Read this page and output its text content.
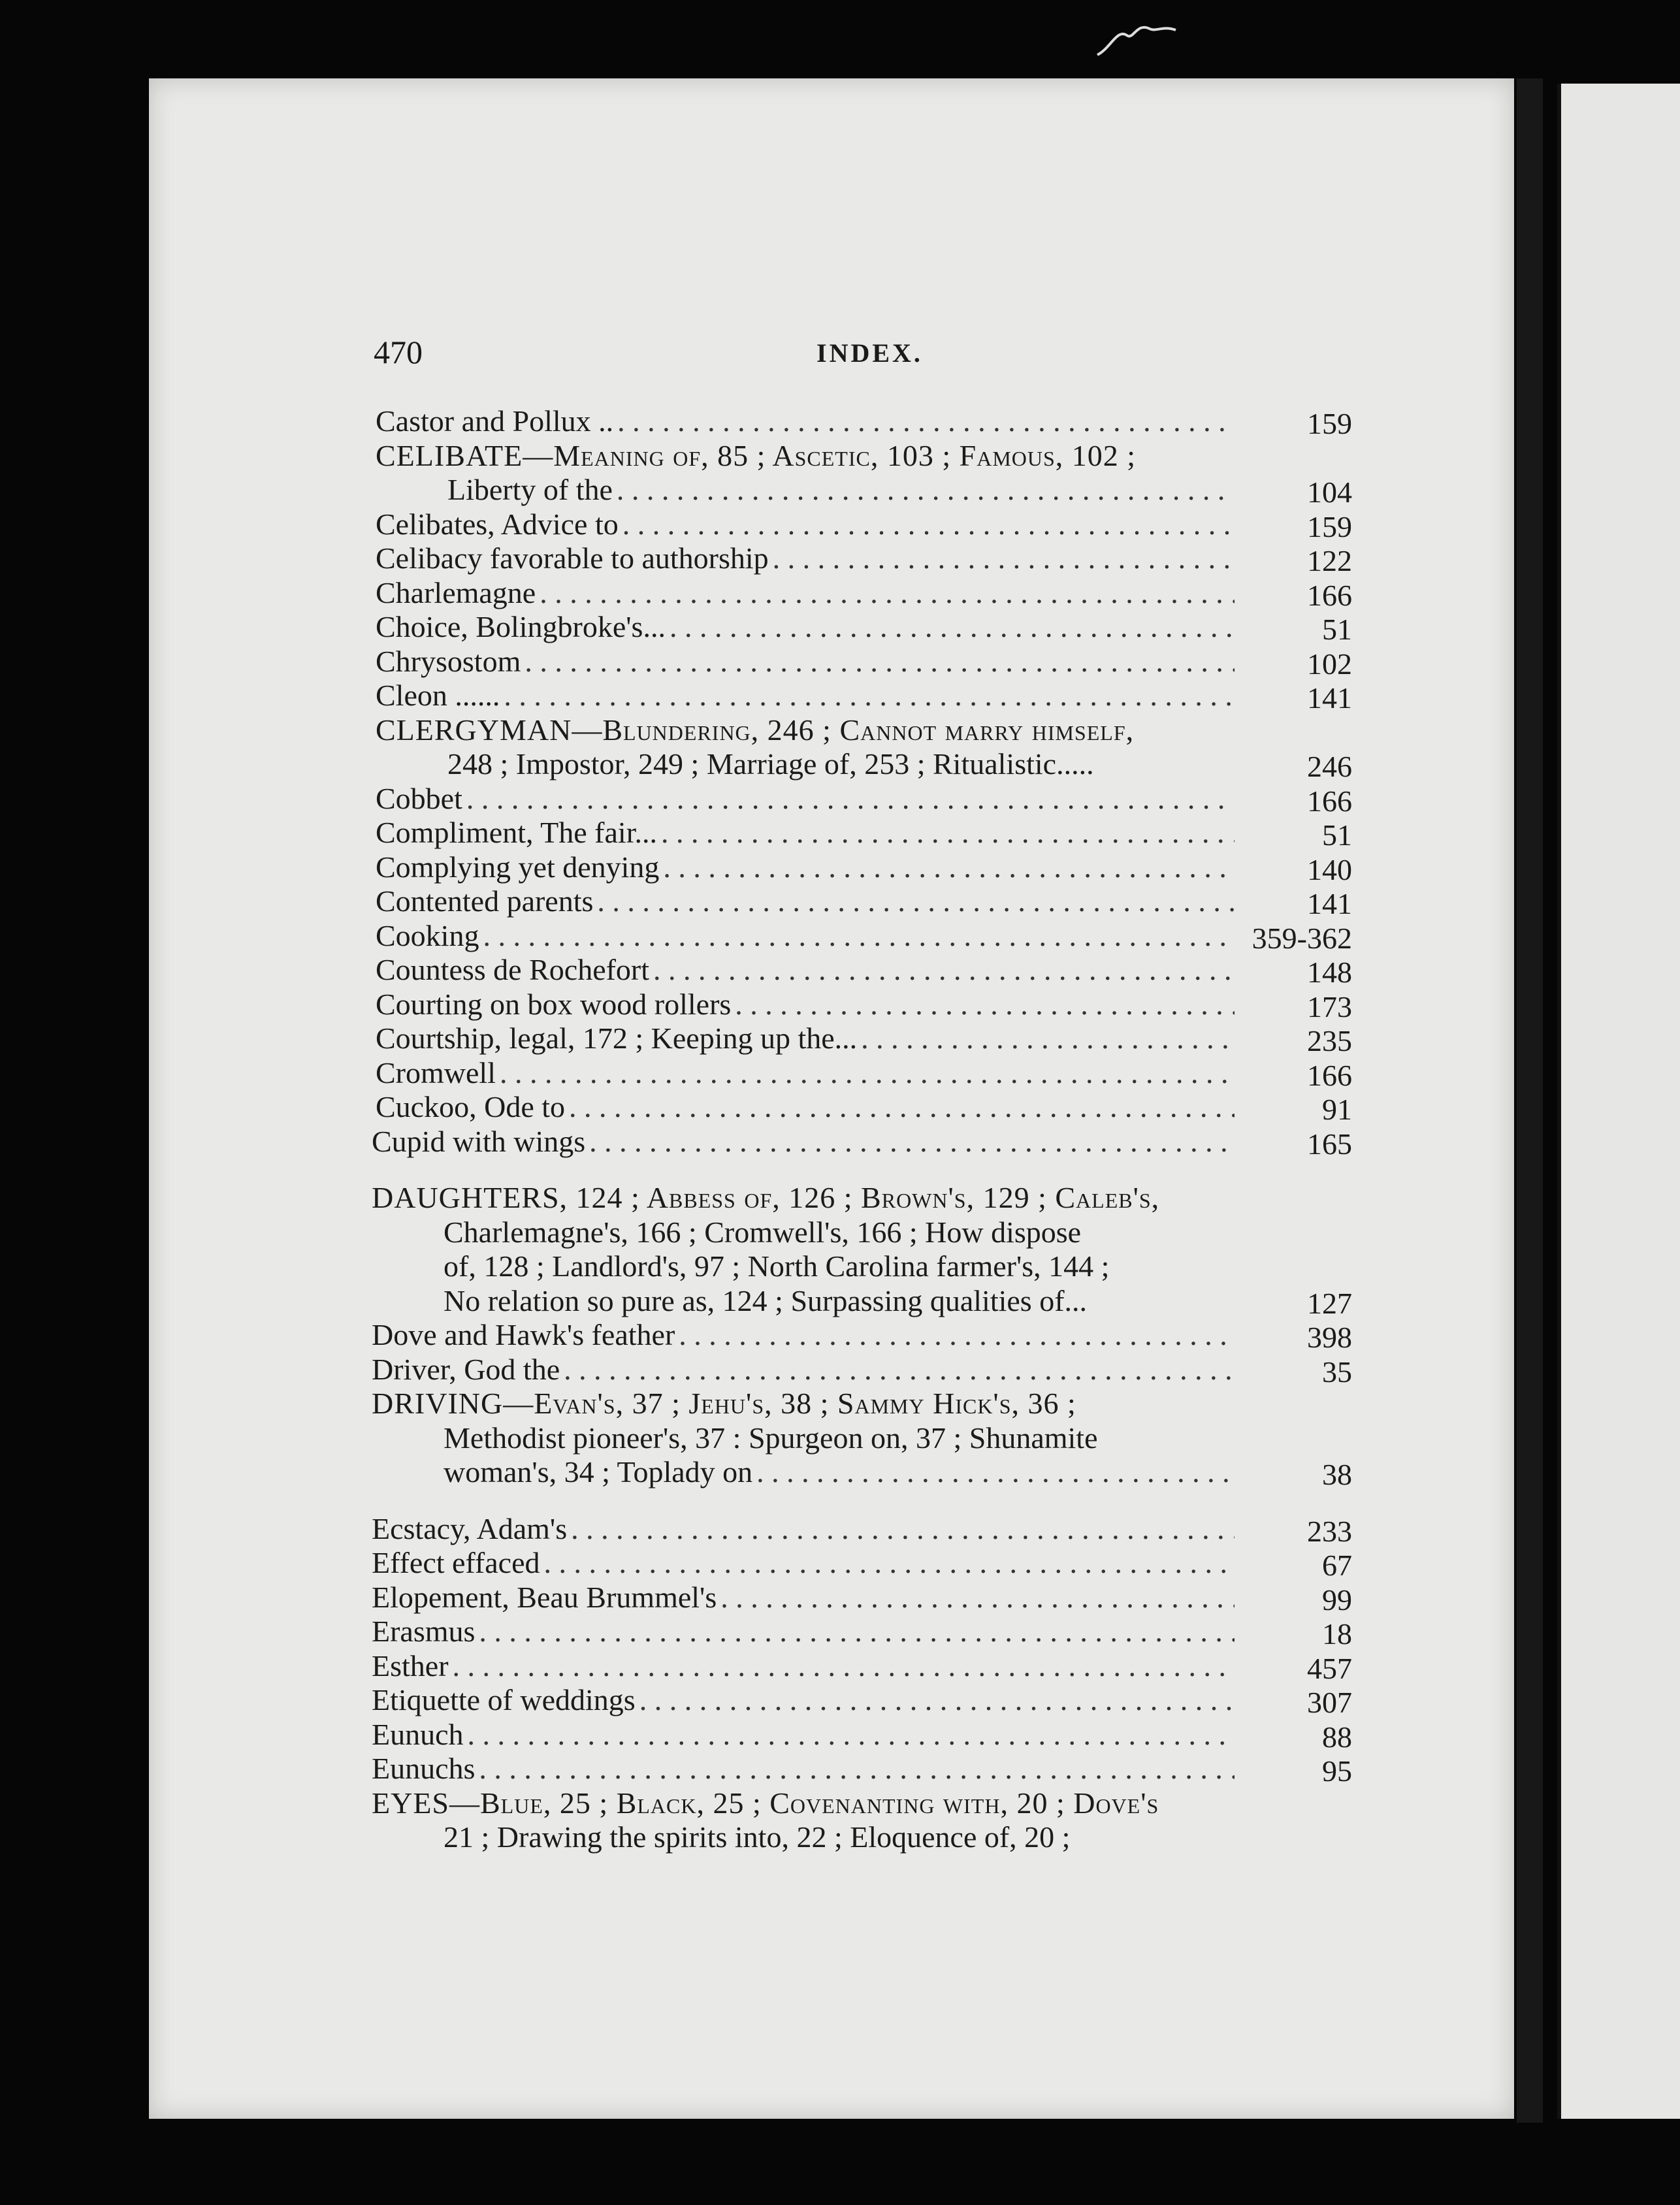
470	INDEX.
Castor and Pollux .. . . .	159
CELIBATE—Meaning of, 85 ; Ascetic, 103 ; Famous, 102 ;
Liberty of the . . .	104
Celibates, Advice to . . .	159
Celibacy favorable to authorship . . .	122
Charlemagne . . .	166
Choice, Bolingbroke's... . . .	51
Chrysostom . . .	102
Cleon ...... . . .	141
CLERGYMAN—Blundering, 246 ; Cannot marry himself,
248 ; Impostor, 249 ; Marriage of, 253 ; Ritualistic.....	246
Cobbet . . .	166
Compliment, The fair... . . .	51
Complying yet denying . . .	140
Contented parents . . .	141
Cooking . . .	359-362
Countess de Rochefort . . .	148
Courting on box wood rollers . . .	173
Courtship, legal, 172 ; Keeping up the... . . .	235
Cromwell . . .	166
Cuckoo, Ode to . . .	91
Cupid with wings . . .	165
DAUGHTERS, 124 ; Abbess of, 126 ; Brown's, 129 ; Caleb's,
Charlemagne's, 166 ; Cromwell's, 166 ; How dispose
of, 128 ; Landlord's, 97 ; North Carolina farmer's, 144 ;
No relation so pure as, 124 ; Surpassing qualities of...	127
Dove and Hawk's feather . . .	398
Driver, God the . . .	35
DRIVING—Evan's, 37 ; Jehu's, 38 ; Sammy Hick's, 36 ;
Methodist pioneer's, 37 : Spurgeon on, 37 ; Shunamite
woman's, 34 ; Toplady on . . .	38
Ecstacy, Adam's . . .	233
Effect effaced . . .	67
Elopement, Beau Brummel's . . .	99
Erasmus . . .	18
Esther . . .	457
Etiquette of weddings . . .	307
Eunuch . . .	88
Eunuchs . . .	95
EYES—Blue, 25 ; Black, 25 ; Covenanting with, 20 ; Dove's
21 ; Drawing the spirits into, 22 ; Eloquence of, 20 ;
